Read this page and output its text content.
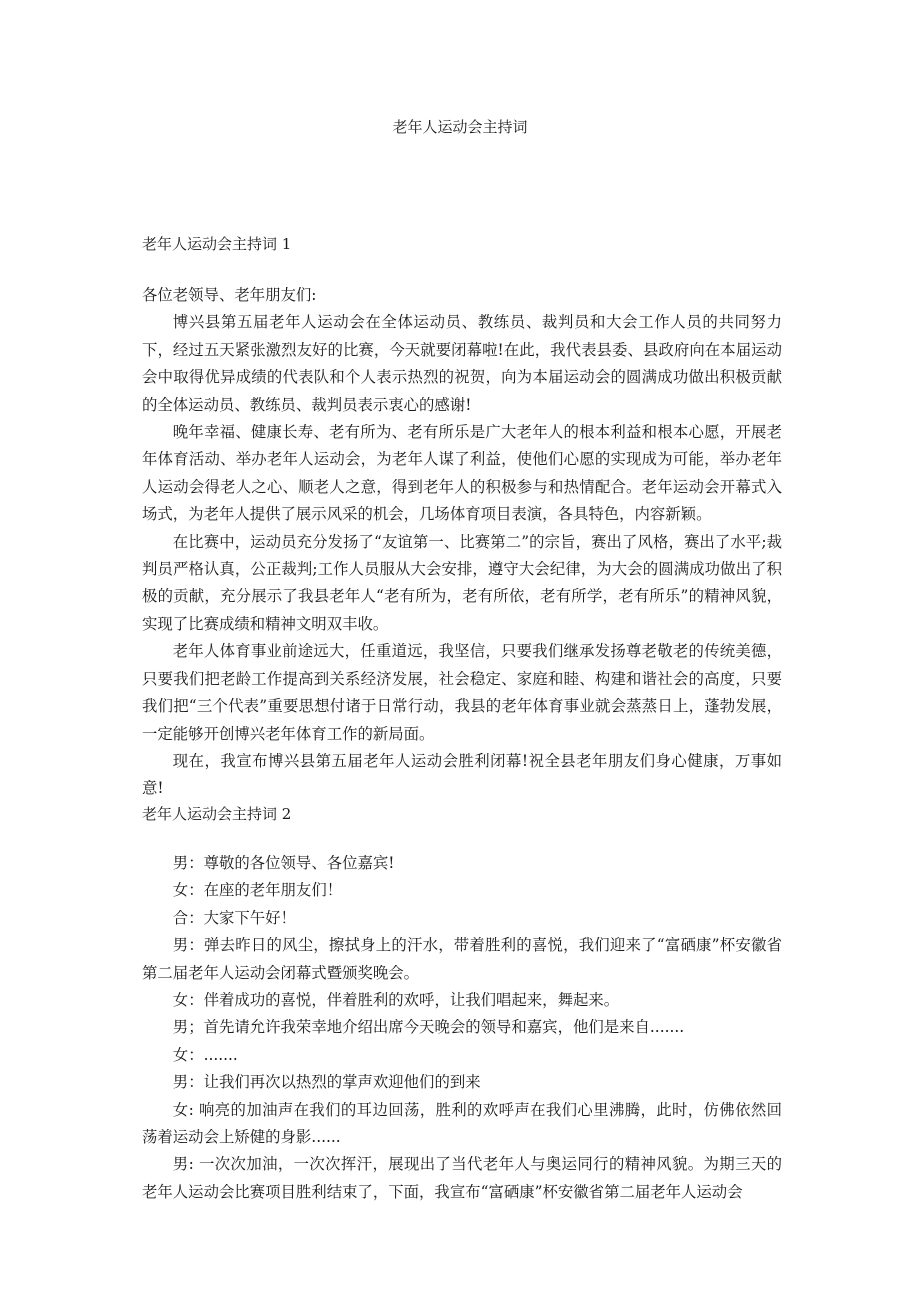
老年人运动会主持词
老年人运动会主持词 1

各位老领导、老年朋友们:

博兴县第五届老年人运动会在全体运动员、教练员、裁判员和大会工作人员的共同努力下，经过五天紧张激烈友好的比赛，今天就要闭幕啦!在此，我代表县委、县政府向在本届运动会中取得优异成绩的代表队和个人表示热烈的祝贺，向为本届运动会的圆满成功做出积极贡献的全体运动员、教练员、裁判员表示衷心的感谢!

晚年幸福、健康长寿、老有所为、老有所乐是广大老年人的根本利益和根本心愿，开展老年体育活动、举办老年人运动会，为老年人谋了利益，使他们心愿的实现成为可能，举办老年人运动会得老人之心、顺老人之意，得到老年人的积极参与和热情配合。老年运动会开幕式入场式，为老年人提供了展示风采的机会，几场体育项目表演，各具特色，内容新颖。

在比赛中，运动员充分发扬了“友谊第一、比赛第二”的宗旨，赛出了风格，赛出了水平;裁判员严格认真，公正裁判;工作人员服从大会安排，遵守大会纪律，为大会的圆满成功做出了积极的贡献，充分展示了我县老年人“老有所为，老有所依，老有所学，老有所乐”的精神风貌，实现了比赛成绩和精神文明双丰收。

老年人体育事业前途远大，任重道远，我坚信，只要我们继承发扬尊老敬老的传统美德，只要我们把老龄工作提高到关系经济发展，社会稳定、家庭和睦、构建和谐社会的高度，只要我们把“三个代表”重要思想付诸于日常行动，我县的老年体育事业就会蒸蒸日上，蓬勃发展，一定能够开创博兴老年体育工作的新局面。

现在，我宣布博兴县第五届老年人运动会胜利闭幕!祝全县老年朋友们身心健康，万事如意!

老年人运动会主持词 2

男：尊敬的各位领导、各位嘉宾!

女：在座的老年朋友们！

合：大家下午好！

男：弹去昨日的风尘，擦拭身上的汗水，带着胜利的喜悦，我们迎来了“富硒康”杯安徽省第二届老年人运动会闭幕式暨颁奖晚会。

女：伴着成功的喜悦，伴着胜利的欢呼，让我们唱起来，舞起来。

男；首先请允许我荣幸地介绍出席今天晚会的领导和嘉宾，他们是来自.......

女：.......

男：让我们再次以热烈的掌声欢迎他们的到来

女: 响亮的加油声在我们的耳边回荡，胜利的欢呼声在我们心里沸腾，此时，仿佛依然回荡着运动会上矫健的身影......

男: 一次次加油，一次次挥汗，展现出了当代老年人与奥运同行的精神风貌。为期三天的老年人运动会比赛项目胜利结束了，下面，我宣布“富硒康”杯安徽省第二届老年人运动会
